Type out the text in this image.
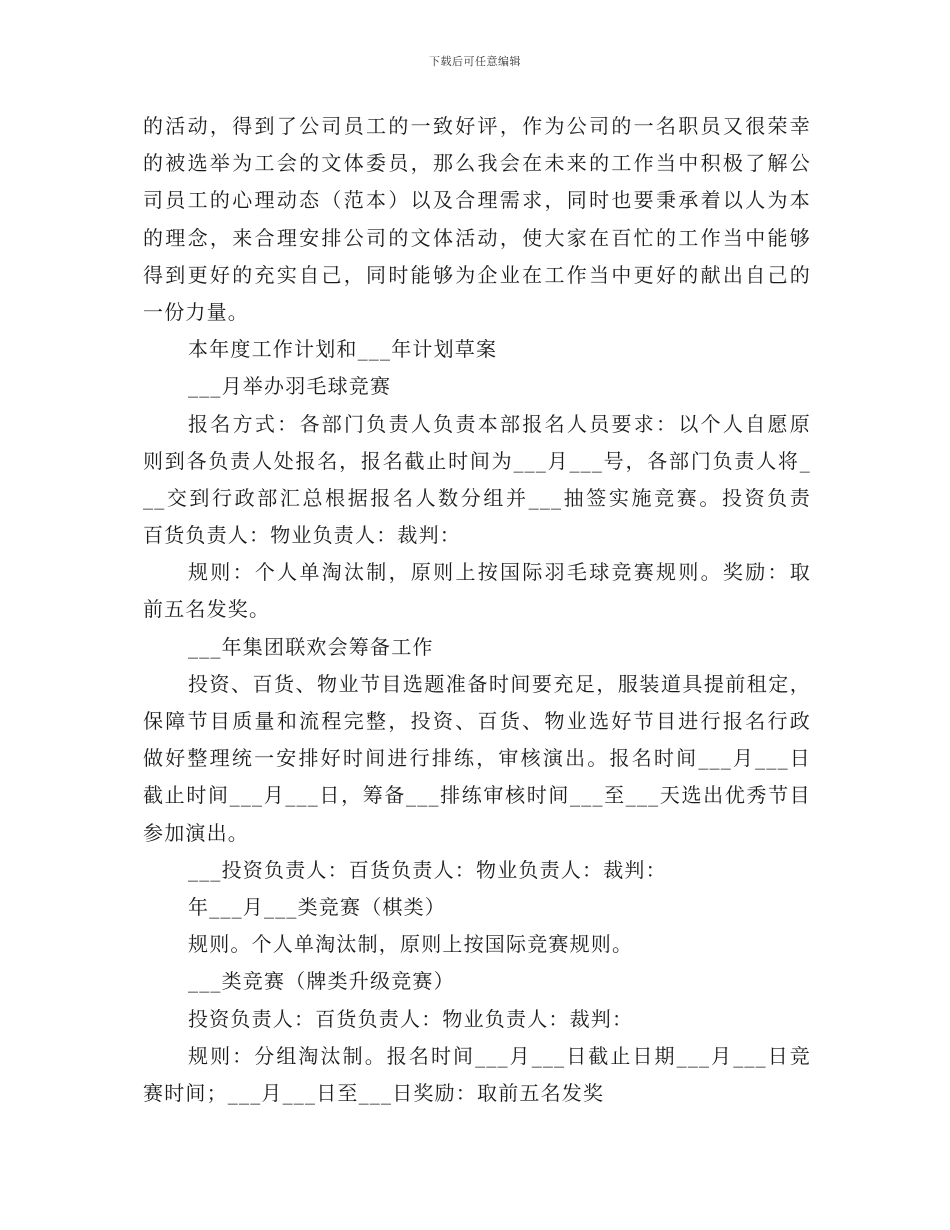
下载后可任意编辑
的活动，得到了公司员工的一致好评，作为公司的一名职员又很荣幸
的被选举为工会的文体委员，那么我会在未来的工作当中积极了解公
司员工的心理动态（范本）以及合理需求，同时也要秉承着以人为本
的理念，来合理安排公司的文体活动，使大家在百忙的工作当中能够
得到更好的充实自己，同时能够为企业在工作当中更好的献出自己的
一份力量。
本年度工作计划和___年计划草案
___月举办羽毛球竞赛
报名方式：各部门负责人负责本部报名人员要求：以个人自愿原
则到各负责人处报名，报名截止时间为___月___号，各部门负责人将_
__交到行政部汇总根据报名人数分组并___抽签实施竞赛。投资负责
百货负责人：物业负责人：裁判：
规则：个人单淘汰制，原则上按国际羽毛球竞赛规则。奖励：取
前五名发奖。
___年集团联欢会筹备工作
投资、百货、物业节目选题准备时间要充足，服装道具提前租定，
保障节目质量和流程完整，投资、百货、物业选好节目进行报名行政
做好整理统一安排好时间进行排练，审核演出。报名时间___月___日
截止时间___月___日，筹备___排练审核时间___至___天选出优秀节目
参加演出。
___投资负责人：百货负责人：物业负责人：裁判：
年___月___类竞赛（棋类）
规则。个人单淘汰制，原则上按国际竞赛规则。
___类竞赛（牌类升级竞赛）
投资负责人：百货负责人：物业负责人：裁判：
规则：分组淘汰制。报名时间___月___日截止日期___月___日竞
赛时间；___月___日至___日奖励：取前五名发奖
